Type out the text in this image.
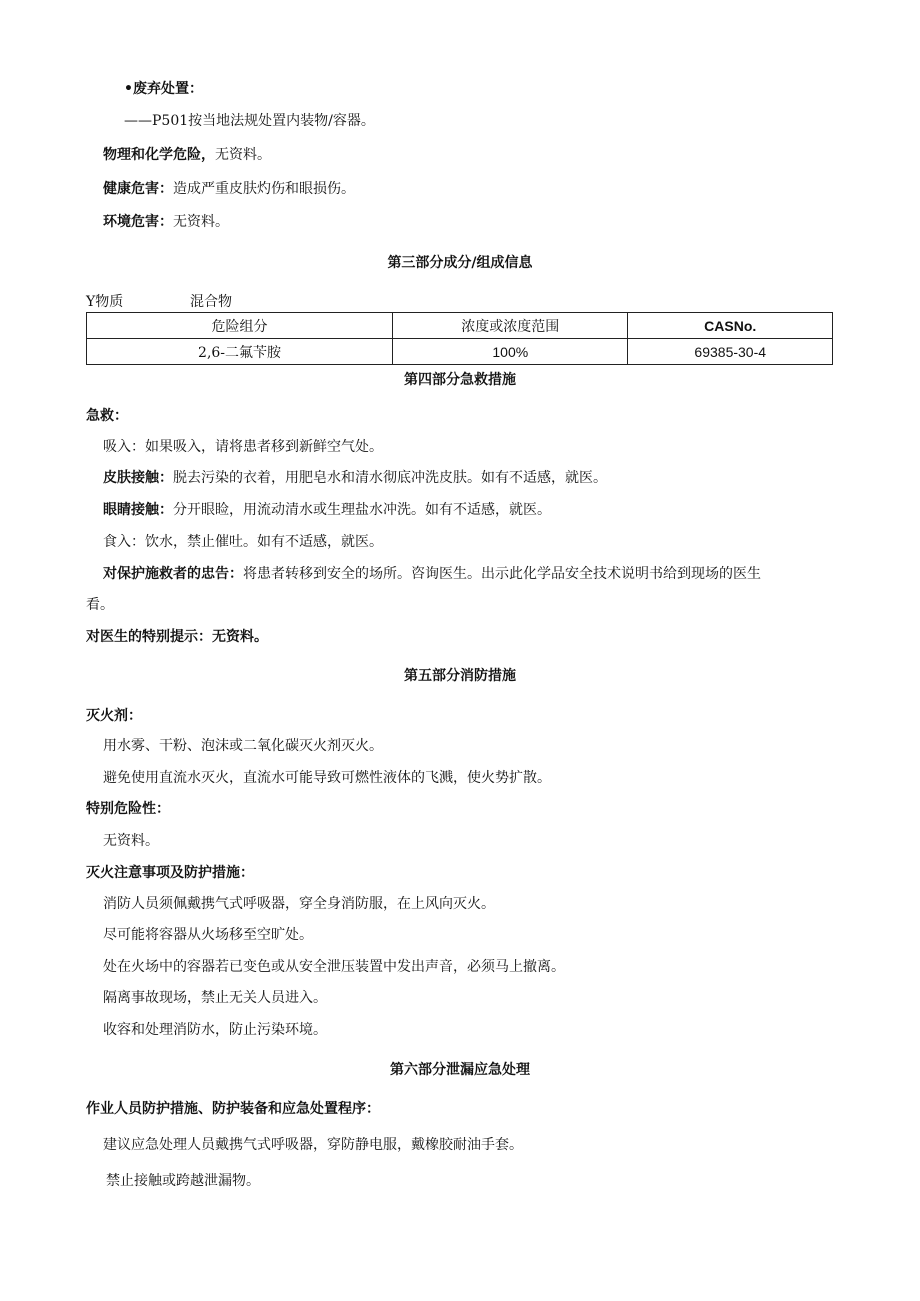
•废弃处置：
——P501按当地法规处置内装物/容器。
物理和化学危险，无资料。
健康危害：造成严重皮肤灼伤和眼损伤。
环境危害：无资料。
第三部分成分/组成信息
Y物质	混合物
危险组分	浓度或浓度范围	CASNo.
2,6-二氟苄胺	100%	69385-30-4
第四部分急救措施
急救：
吸入：如果吸入，请将患者移到新鲜空气处。
皮肤接触：脱去污染的衣着，用肥皂水和清水彻底冲洗皮肤。如有不适感，就医。
眼睛接触：分开眼睑，用流动清水或生理盐水冲洗。如有不适感，就医。
食入：饮水，禁止催吐。如有不适感，就医。
对保护施救者的忠告：将患者转移到安全的场所。咨询医生。出示此化学品安全技术说明书给到现场的医生
看。
对医生的特别提示：无资料。
第五部分消防措施
灭火剂：
用水雾、干粉、泡沫或二氧化碳灭火剂灭火。
避免使用直流水灭火，直流水可能导致可燃性液体的飞溅，使火势扩散。
特别危险性：
无资料。
灭火注意事项及防护措施：
消防人员须佩戴携气式呼吸器，穿全身消防服，在上风向灭火。
尽可能将容器从火场移至空旷处。
处在火场中的容器若已变色或从安全泄压装置中发出声音，必须马上撤离。
隔离事故现场，禁止无关人员进入。
收容和处理消防水，防止污染环境。
第六部分泄漏应急处理
作业人员防护措施、防护装备和应急处置程序：
建议应急处理人员戴携气式呼吸器，穿防静电服，戴橡胶耐油手套。
禁止接触或跨越泄漏物。
